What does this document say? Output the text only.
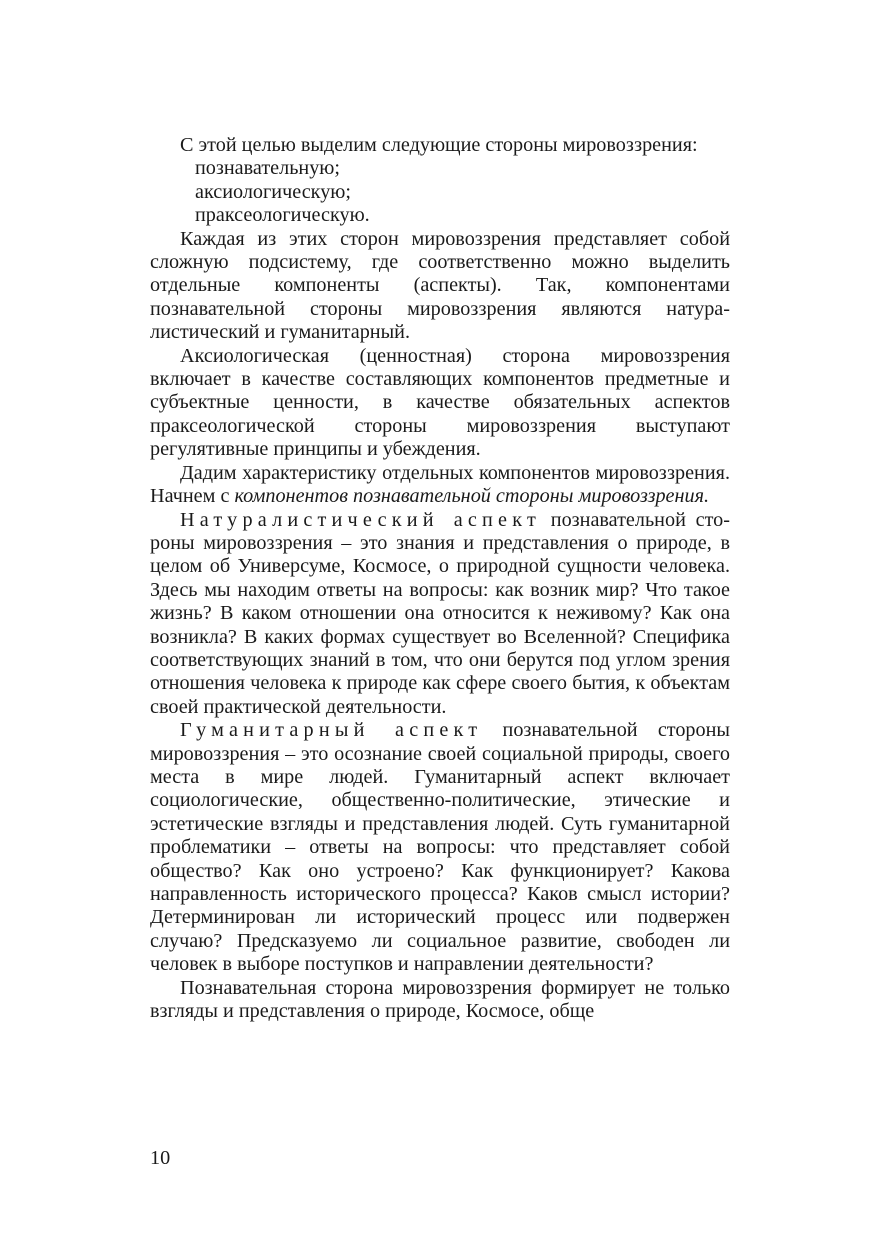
С этой целью выделим следующие стороны мировоззрения:

познавательную;
аксиологическую;
праксеологическую.

Каждая из этих сторон мировоззрения представляет собой сложную подсистему, где соответственно можно выделить отдельные компоненты (аспекты). Так, компонентами познавательной стороны мировоззрения являются натуралистический и гуманитарный.

Аксиологическая (ценностная) сторона мировоззрения включает в качестве составляющих компонентов предметные и субъектные ценности, в качестве обязательных аспектов праксеологической стороны мировоззрения выступают регулятивные принципы и убеждения.

Дадим характеристику отдельных компонентов мировоззрения. Начнем с компонентов познавательной стороны мировоззрения.

Натуралистический аспект познавательной стороны мировоззрения – это знания и представления о природе, в целом об Универсуме, Космосе, о природной сущности человека. Здесь мы находим ответы на вопросы: как возник мир? Что такое жизнь? В каком отношении она относится к неживому? Как она возникла? В каких формах существует во Вселенной? Специфика соответствующих знаний в том, что они берутся под углом зрения отношения человека к природе как сфере своего бытия, к объектам своей практической деятельности.

Гуманитарный аспект познавательной стороны мировоззрения – это осознание своей социальной природы, своего места в мире людей. Гуманитарный аспект включает социологические, общественно-политические, этические и эстетические взгляды и представления людей. Суть гуманитарной проблематики – ответы на вопросы: что представляет собой общество? Как оно устроено? Как функционирует? Какова направленность исторического процесса? Каков смысл истории? Детерминирован ли исторический процесс или подвержен случаю? Предсказуемо ли социальное развитие, свободен ли человек в выборе поступков и направлении деятельности?

Познавательная сторона мировоззрения формирует не только взгляды и представления о природе, Космосе, обще

10
